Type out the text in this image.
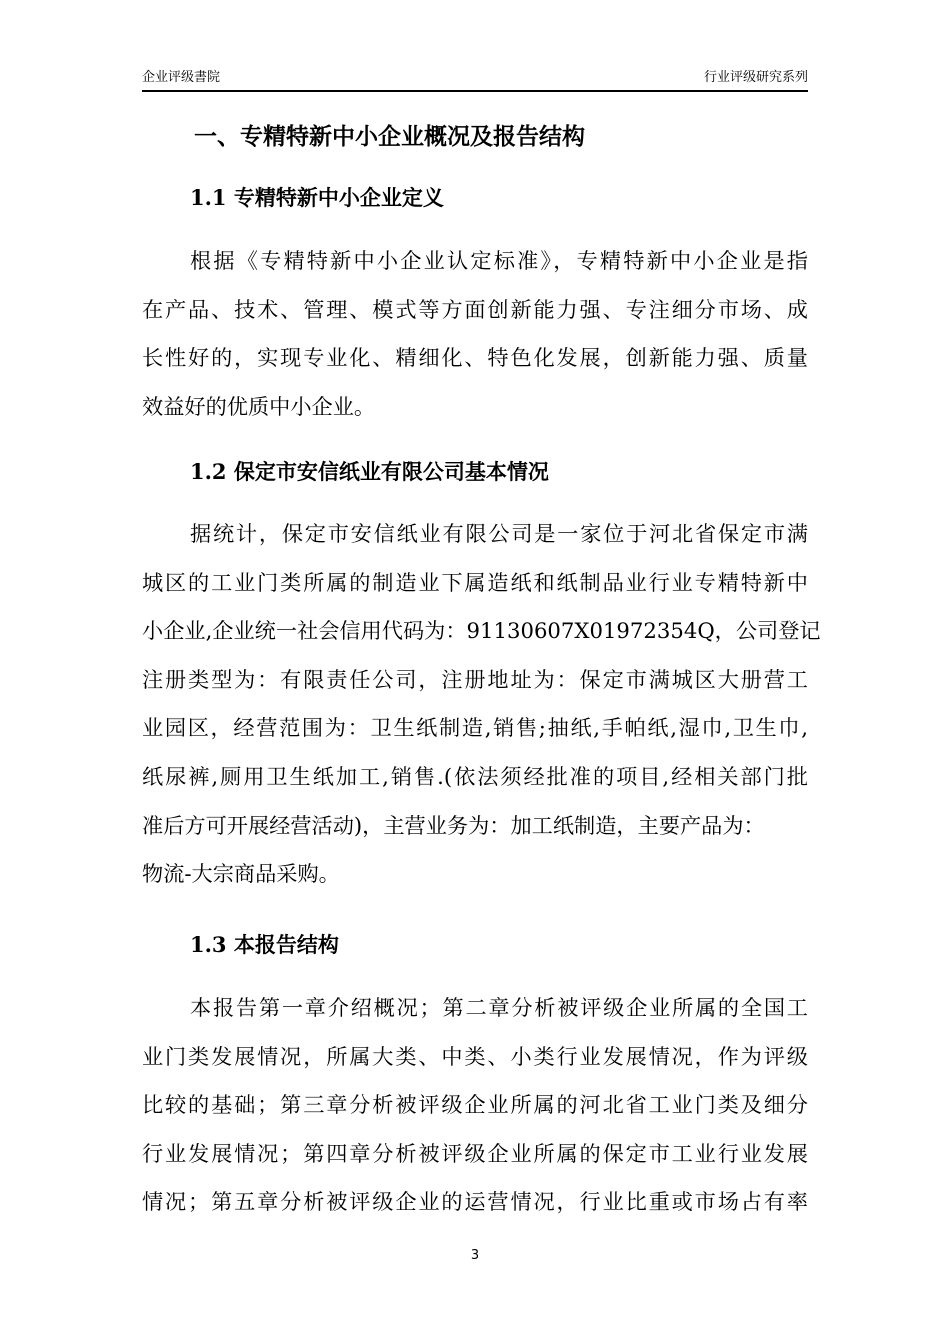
企业评级書院	行业评级研究系列
一、专精特新中小企业概况及报告结构
1.1 专精特新中小企业定义
根据《专精特新中小企业认定标准》，专精特新中小企业是指
在产品、技术、管理、模式等方面创新能力强、专注细分市场、成
长性好的，实现专业化、精细化、特色化发展，创新能力强、质量
效益好的优质中小企业。
1.2 保定市安信纸业有限公司基本情况
据统计，保定市安信纸业有限公司是一家位于河北省保定市满
城区的工业门类所属的制造业下属造纸和纸制品业行业专精特新中
小企业,企业统一社会信用代码为：91130607X01972354Q，公司登记
注册类型为：有限责任公司，注册地址为：保定市满城区大册营工
业园区，经营范围为：卫生纸制造,销售;抽纸,手帕纸,湿巾,卫生巾,
纸尿裤,厕用卫生纸加工,销售.(依法须经批准的项目,经相关部门批
准后方可开展经营活动)，主营业务为：加工纸制造，主要产品为：
物流-大宗商品采购。
1.3 本报告结构
本报告第一章介绍概况；第二章分析被评级企业所属的全国工
业门类发展情况，所属大类、中类、小类行业发展情况，作为评级
比较的基础；第三章分析被评级企业所属的河北省工业门类及细分
行业发展情况；第四章分析被评级企业所属的保定市工业行业发展
情况；第五章分析被评级企业的运营情况，行业比重或市场占有率
3
